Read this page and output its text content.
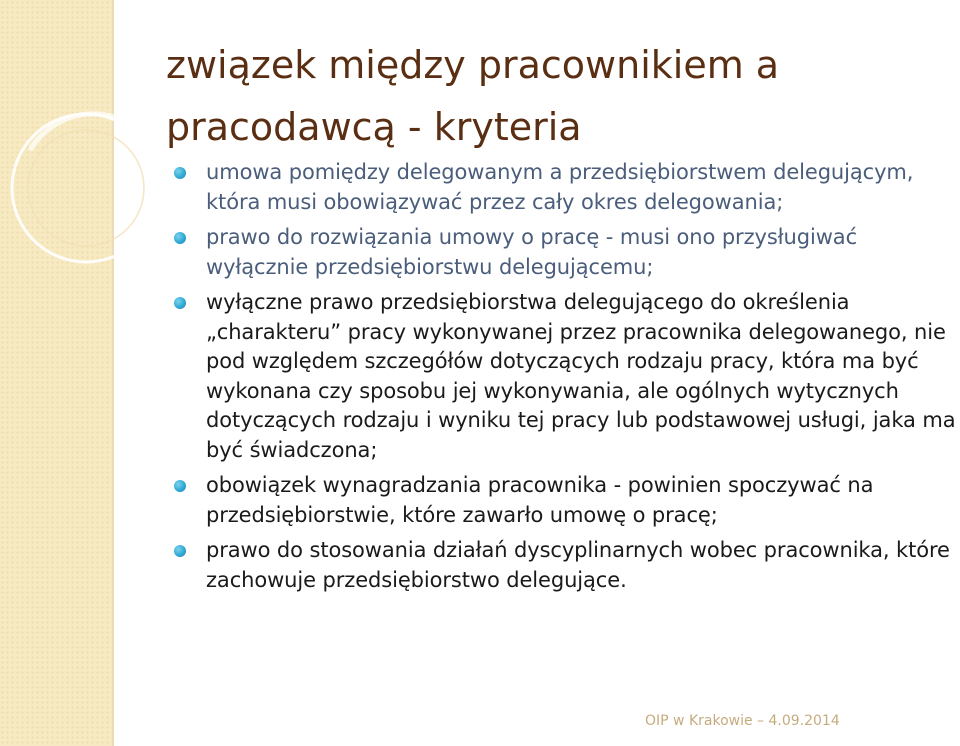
związek między pracownikiem a pracodawcą - kryteria
umowa pomiędzy delegowanym a przedsiębiorstwem delegującym, która musi obowiązywać przez cały okres delegowania;
prawo do rozwiązania umowy o pracę - musi ono przysługiwać wyłącznie przedsiębiorstwu delegującemu;
wyłączne prawo przedsiębiorstwa delegującego do określenia „charakteru” pracy wykonywanej przez pracownika delegowanego, nie pod względem szczegółów dotyczących rodzaju pracy, która ma być wykonana czy sposobu jej wykonywania, ale ogólnych wytycznych dotyczących rodzaju i wyniku tej pracy lub podstawowej usługi, jaka ma być świadczona;
obowiązek wynagradzania pracownika - powinien spoczywać na przedsiębiorstwie, które zawarło umowę o pracę;
prawo do stosowania działań dyscyplinarnych wobec pracownika, które zachowuje przedsiębiorstwo delegujące.
OIP w Krakowie – 4.09.2014
